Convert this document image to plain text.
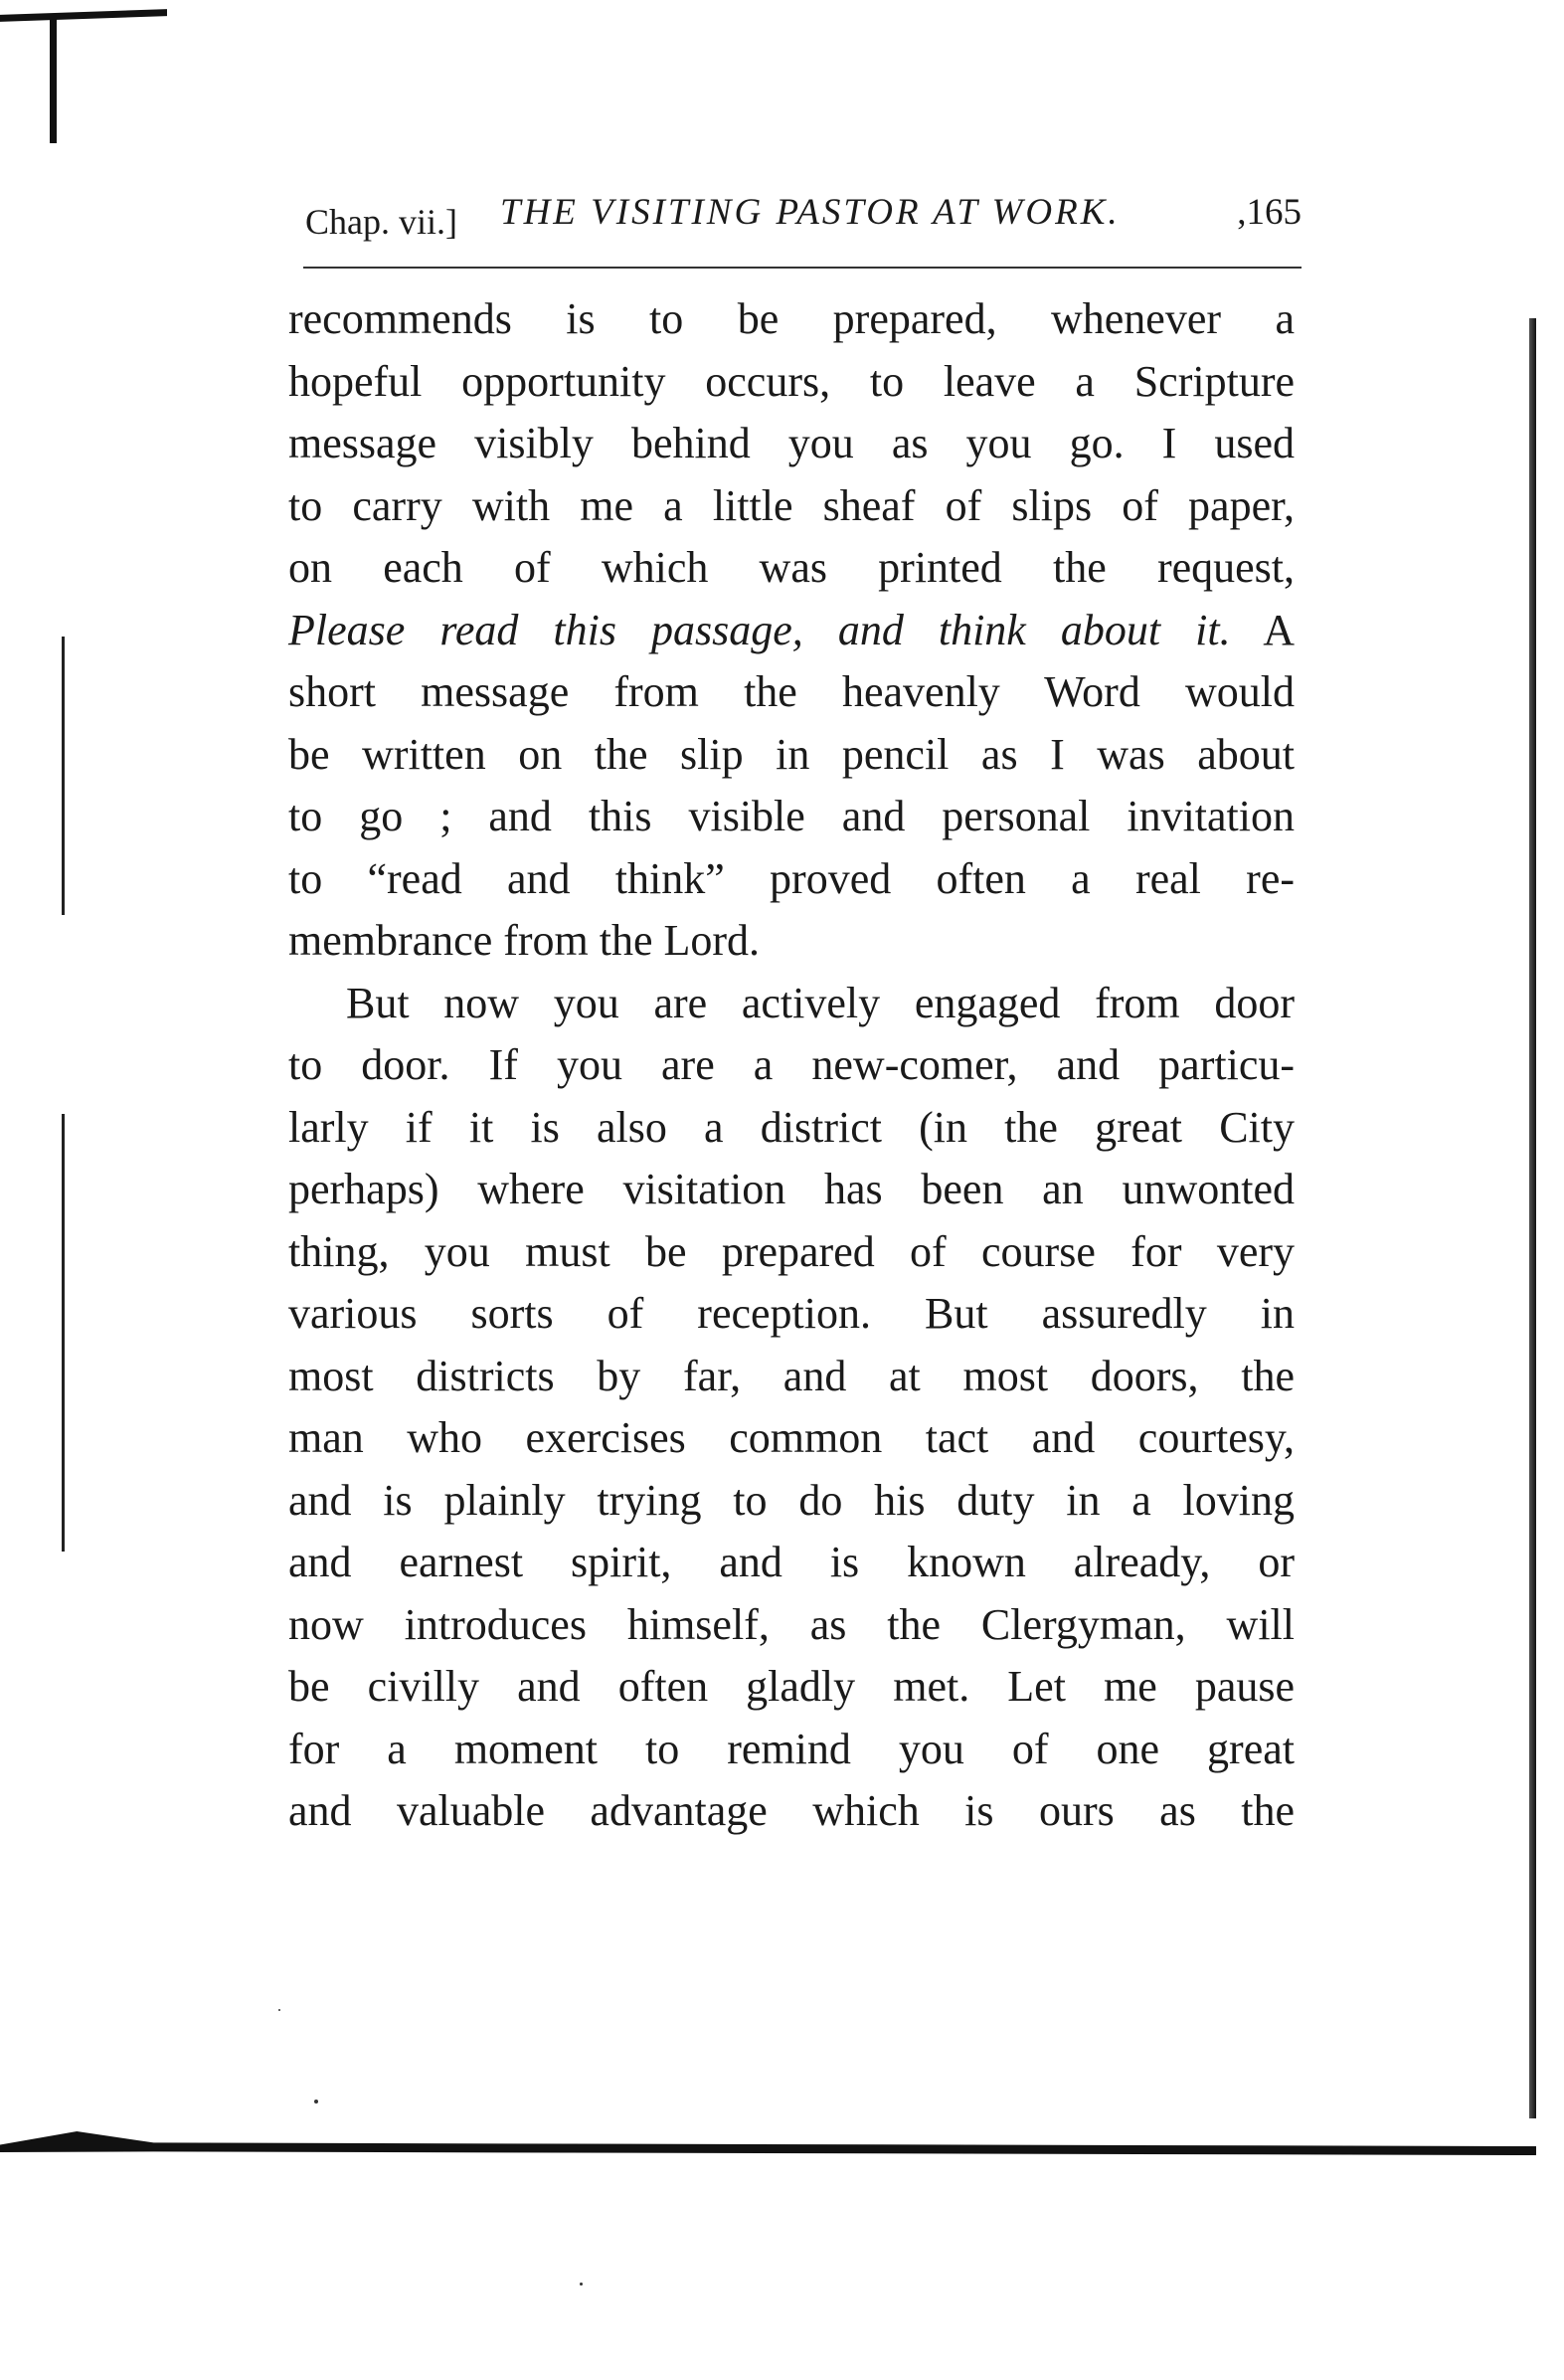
Chap. vii.] THE VISITING PASTOR AT WORK.	,165
recommends is to be prepared, whenever a
hopeful opportunity occurs, to leave a Scripture
message visibly behind you as you go. I used
to carry with me a little sheaf of slips of paper,
on each of which was printed the request,
Please read this passage, and think about it. A
short message from the heavenly Word would
be written on the slip in pencil as I was about
to go ; and this visible and personal invitation
to “read and think” proved often a real re-
membrance from the Lord.
But now you are actively engaged from door
to door. If you are a new-comer, and particu-
larly if it is also a district (in the great City
perhaps) where visitation has been an unwonted
thing, you must be prepared of course for very
various sorts of reception. But assuredly in
most districts by far, and at most doors, the
man who exercises common tact and courtesy,
and is plainly trying to do his duty in a loving
and earnest spirit, and is known already, or
now introduces himself, as the Clergyman, will
be civilly and often gladly met. Let me pause
for a moment to remind you of one great
and valuable advantage which is ours as the
